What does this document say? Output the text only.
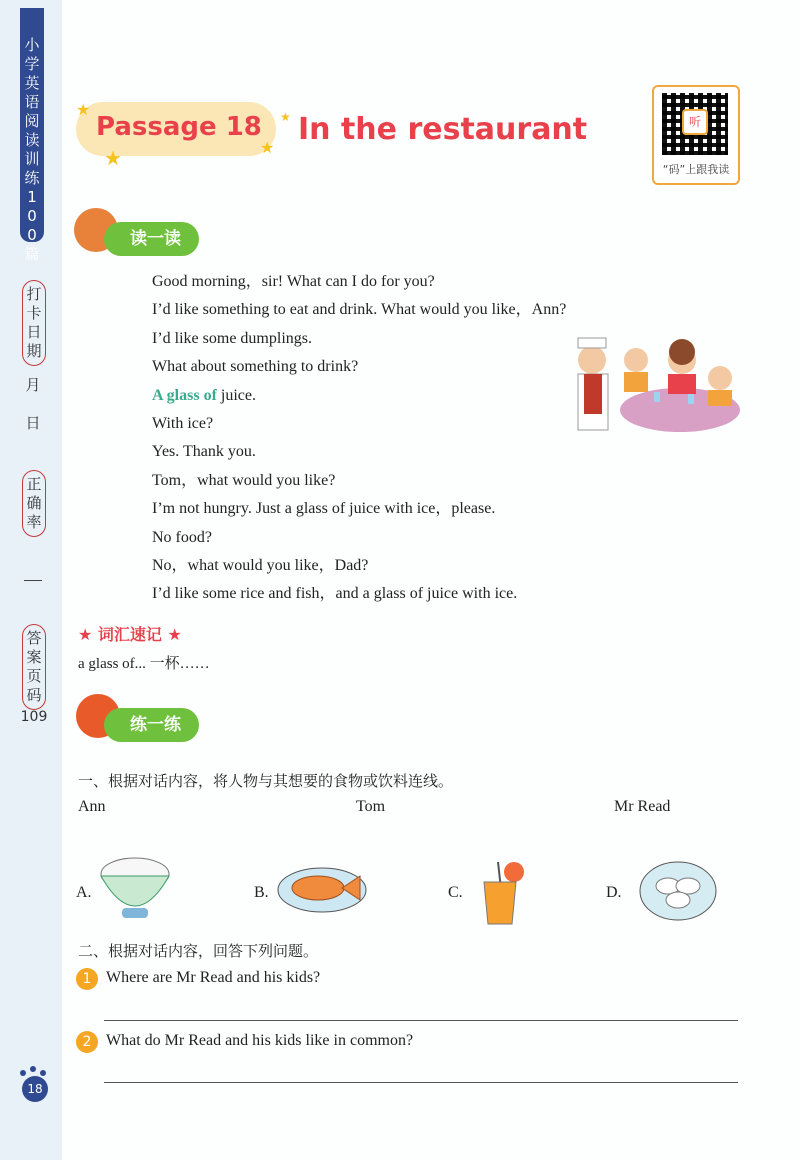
小学英语阅读训练100篇
打卡日期
月
日
正确率
答案页码
109
18
★
★	★
★
Passage 18 In the restaurant	听
“码”上跟我读
读一读
Good morning，sir! What can I do for you?
I’d like something to eat and drink. What would you like，Ann?
I’d like some dumplings.
What about something to drink?
A glass of juice.
With ice?
Yes. Thank you.
Tom，what would you like?
I’m not hungry. Just a glass of juice with ice，please.
No food?
No，what would you like，Dad?
I’d like some rice and fish，and a glass of juice with ice.
★ 词汇速记 ★
a glass of... 一杯……
练一练
一、根据对话内容，将人物与其想要的食物或饮料连线。
Ann	Tom	Mr Read
A.	B.	C.	D.
二、根据对话内容，回答下列问题。
1 Where are Mr Read and his kids?
2 What do Mr Read and his kids like in common?
